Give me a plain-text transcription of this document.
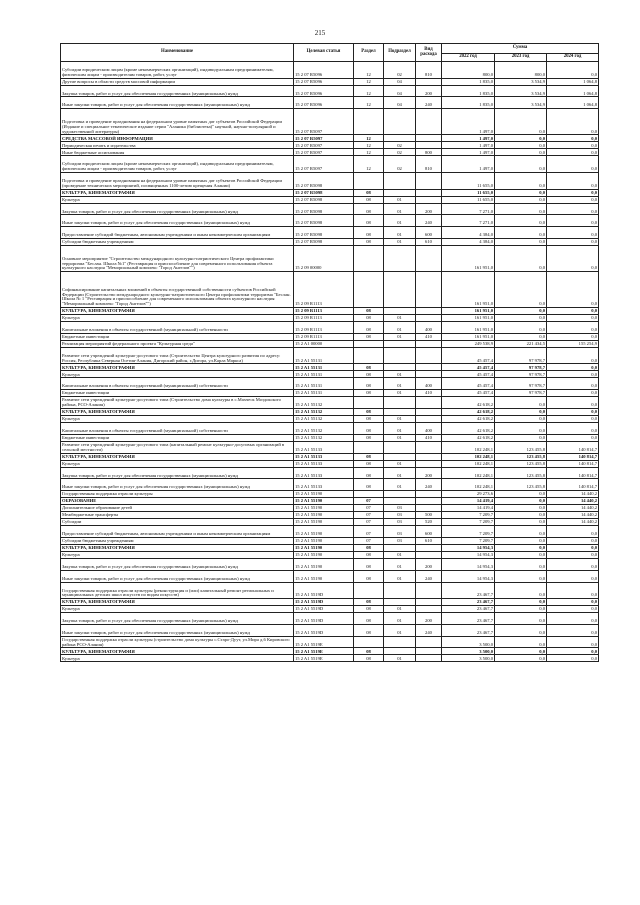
215
Наименование	Целевая статья	Раздел	Подраздел	Вид расхода	Сумма		
					2022 год	2023 год	2024 год
Субсидии юридическим лицам (кроме некоммерческих организаций), индивидуальным предпринимателям, физическим лицам - производителям товаров, работ, услуг	15 2 07 R5096	12	02	810	800,0	800,0	0,0
Другие вопросы в области средств массовой информации	15 2 07 R5096	12	04		1 835,0	3 534,9	1 064,8
Закупка товаров, работ и услуг для обеспечения государственных (муниципальных) нужд	15 2 07 R5096	12	04	200	1 835,0	3 534,9	1 064,8
Иные закупки товаров, работ и услуг для обеспечения государственных (муниципальных) нужд	15 2 07 R5096	12	04	240	1 835,0	3 534,9	1 064,8
Подготовка и проведение празднования на федеральном уровне памятных дат субъектов Российской Федерации (Издание и специальное тематическое издание серии "Аланика (библиотека)" научной, научно-популярной и художественной литературы)	15 2 07 R5097				1 497,0	0,0	0,0
СРЕДСТВА МАССОВОЙ ИНФОРМАЦИИ	15 2 07 R5097	12			1 497,0	0,0	0,0
Периодическая печать и издательства	15 2 07 R5097	12	02		1 497,0	0,0	0,0
Иные бюджетные ассигнования	15 2 07 R5097	12	02	800	1 497,0	0,0	0,0
Субсидии юридическим лицам (кроме некоммерческих организаций), индивидуальным предпринимателям, физическим лицам - производителям товаров, работ, услуг	15 2 07 R5097	12	02	810	1 497,0	0,0	0,0
Подготовка и проведение празднования на федеральном уровне памятных дат субъектов Российской Федерации (проведение технических мероприятий, посвященных 1100-летию крещения Алании)	15 2 07 R5098				11 655,0	0,0	0,0
КУЛЬТУРА, КИНЕМАТОГРАФИЯ	15 2 07 R5098	08			11 655,0	0,0	0,0
Культура	15 2 07 R5098	08	01		11 655,0	0,0	0,0
Закупка товаров, работ и услуг для обеспечения государственных (муниципальных) нужд	15 2 07 R5098	08	01	200	7 271,0	0,0	0,0
Иные закупки товаров, работ и услуг для обеспечения государственных (муниципальных) нужд	15 2 07 R5098	08	01	240	7 271,0	0,0	0,0
Предоставление субсидий бюджетным, автономным учреждениям и иным некоммерческим организациям	15 2 07 R5098	08	01	600	4 384,0	0,0	0,0
Субсидии бюджетным учреждениям	15 2 07 R5098	08	01	610	4 384,0	0,0	0,0
Основное мероприятие "Строительство международного культурно-патриотического Центра профилактики терроризма "Беслан. Школа №1" (Реставрация и приспособление для современного использования объекта культурного наследия "Мемориальный комплекс "Город Ангелов"")	15 2 09 00000				161 951,0	0,0	0,0
Софинансирование капитальных вложений в объекты государственной собственности субъектов Российской Федерации (Строительство международного культурно-патриотического Центра профилактики терроризма "Беслан. Школа № 1 "Реставрация и приспособление для современного использования объекта культурного наследия "Мемориальный комплекс "Город Ангелов"")	15 2 09 R1113				161 951,0	0,0	0,0
КУЛЬТУРА, КИНЕМАТОГРАФИЯ	15 2 09 R1113	08			161 951,0	0,0	0,0
Культура	15 2 09 R1113	08	01		161 951,0	0,0	0,0
Капитальные вложения в объекты государственной (муниципальной) собственности	15 2 09 R1113	08	01	400	161 951,0	0,0	0,0
Бюджетные инвестиции	15 2 09 R1113	08	01	410	161 951,0	0,0	0,0
Реализация мероприятий федерального проекта "Культурная среда"	15 2 A1 00000				249 538,9	221 434,5	155 254,9
Развитие сети учреждений культурно-досугового типа (Строительство Центра культурного развития по адресу: Россия, Республика Северная Осетия-Алания, Дигорский район, г.Дигора, ул.Карла Маркса)	15 2 A1 55131				45 457,4	97 978,7	0,0
КУЛЬТУРА, КИНЕМАТОГРАФИЯ	15 2 A1 55131	08			45 457,4	97 978,7	0,0
Культура	15 2 A1 55131	08	01		45 457,4	97 978,7	0,0
Капитальные вложения в объекты государственной (муниципальной) собственности	15 2 A1 55131	08	01	400	45 457,4	97 978,7	0,0
Бюджетные инвестиции	15 2 A1 55131	08	01	410	45 457,4	97 978,7	0,0
Развитие сети учреждений культурно-досугового типа (Строительство дома культуры в с.Махческ Моздокского района, РСО-Алания)	15 2 A1 55132				42 618,2	0,0	0,0
КУЛЬТУРА, КИНЕМАТОГРАФИЯ	15 2 A1 55132	08			42 618,2	0,0	0,0
Культура	15 2 A1 55132	08	01		42 618,2	0,0	0,0
Капитальные вложения в объекты государственной (муниципальной) собственности	15 2 A1 55132	08	01	400	42 618,2	0,0	0,0
Бюджетные инвестиции	15 2 A1 55132	08	01	410	42 618,2	0,0	0,0
Развитие сети учреждений культурно-досугового типа (капитальный ремонт культурно-досуговых организаций в сельской местности)	15 2 A1 55133				102 248,1	123 455,8	140 814,7
КУЛЬТУРА, КИНЕМАТОГРАФИЯ	15 2 A1 55133	08			102 248,1	123 455,8	140 814,7
Культура	15 2 A1 55133	08	01		102 248,1	123 455,8	140 814,7
Закупка товаров, работ и услуг для обеспечения государственных (муниципальных) нужд	15 2 A1 55133	08	01	200	102 248,1	123 455,8	140 814,7
Иные закупки товаров, работ и услуг для обеспечения государственных (муниципальных) нужд	15 2 A1 55133	08	01	240	102 248,1	123 455,8	140 814,7
Государственная поддержка отрасли культуры	15 2 A1 55190				29 273,6	0,0	14 440,2
ОБРАЗОВАНИЕ	15 2 A1 55190	07			14 419,4	0,0	14 440,2
Дополнительное образование детей	15 2 A1 55190	07	03		14 419,4	0,0	14 440,2
Межбюджетные трансферты	15 2 A1 55190	07	03	500	7 209,7	0,0	14 440,2
Субсидии	15 2 A1 55190	07	03	520	7 209,7	0,0	14 440,2
Предоставление субсидий бюджетным, автономным учреждениям и иным некоммерческим организациям	15 2 A1 55190	07	03	600	7 209,7	0,0	0,0
Субсидии бюджетным учреждениям	15 2 A1 55190	07	03	610	7 209,7	0,0	0,0
КУЛЬТУРА, КИНЕМАТОГРАФИЯ	15 2 A1 55190	08			14 954,3	0,0	0,0
Культура	15 2 A1 55190	08	01		14 954,3	0,0	0,0
Закупка товаров, работ и услуг для обеспечения государственных (муниципальных) нужд	15 2 A1 55190	08	01	200	14 954,3	0,0	0,0
Иные закупки товаров, работ и услуг для обеспечения государственных (муниципальных) нужд	15 2 A1 55190	08	01	240	14 954,3	0,0	0,0
Государственная поддержка отрасли культуры (реконструкция и (или) капитальный ремонт региональных и муниципальных детских школ искусств по видам искусств)	15 2 A1 5519D				23 467,7	0,0	0,0
КУЛЬТУРА, КИНЕМАТОГРАФИЯ	15 2 A1 5519D	08			23 467,7	0,0	0,0
Культура	15 2 A1 5519D	08	01		23 467,7	0,0	0,0
Закупка товаров, работ и услуг для обеспечения государственных (муниципальных) нужд	15 2 A1 5519D	08	01	200	23 467,7	0,0	0,0
Иные закупки товаров, работ и услуг для обеспечения государственных (муниципальных) нужд	15 2 A1 5519D	08	01	240	23 467,7	0,0	0,0
Государственная поддержка отрасли культуры (строительство дома культуры с.Старо-Дуут, ул.Мира д.6 Кировского района РСО-Алания)	15 2 A1 5519E				3 500,0	0,0	0,0
КУЛЬТУРА, КИНЕМАТОГРАФИЯ	15 2 A1 5519E	08			3 500,0	0,0	0,0
Культура	15 2 A1 5519E	08	01		3 500,0	0,0	0,0
